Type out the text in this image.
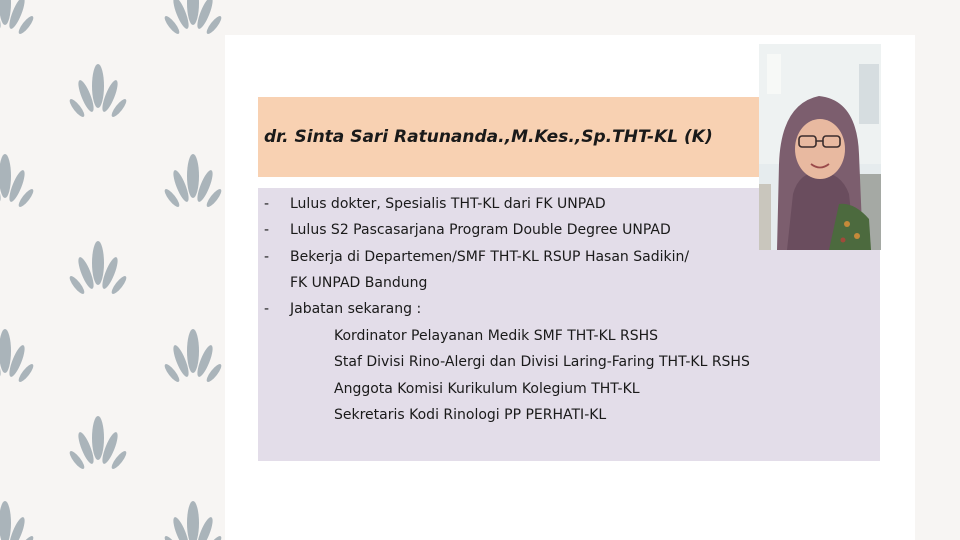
dr. Sinta Sari Ratunanda.,M.Kes.,Sp.THT-KL (K)
- Lulus dokter, Spesialis THT-KL dari FK UNPAD
- Lulus S2 Pascasarjana Program Double Degree UNPAD
- Bekerja di Departemen/SMF THT-KL RSUP Hasan Sadikin/
FK UNPAD Bandung
- Jabatan sekarang :
Kordinator Pelayanan Medik SMF THT-KL RSHS
Staf Divisi Rino-Alergi dan Divisi Laring-Faring THT-KL RSHS
Anggota Komisi Kurikulum Kolegium THT-KL
Sekretaris Kodi Rinologi PP PERHATI-KL
